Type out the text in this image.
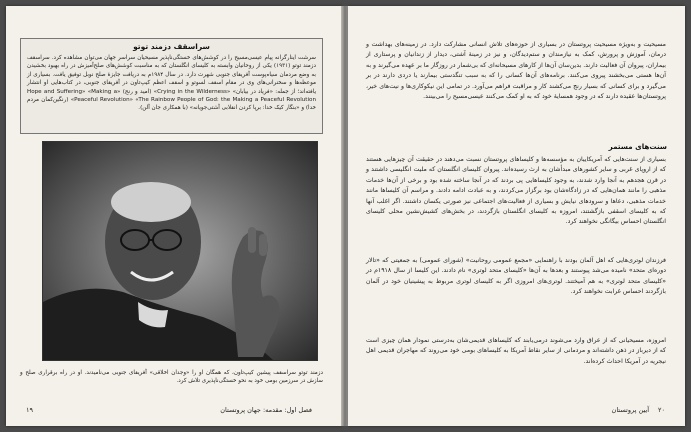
سراسقف دزمند توتو

سرشت اینارگرانه پیام عیسی‌مسیح را در کوشش‌های خستگی‌ناپذیر مسیحیان سراسر جهان می‌توان مشاهده کرد. سراسقف دزمند توتو (۱۹۳۱) یکی از روحانیان وابسته به کلیسای انگلستان که به مناسبت کوشش‌های صلح‌آمیزش در راه بهبود بخشیدن به وضع مردمان سیاه‌پوست آفریقای جنوبی شهرت دارد. در سال ۱۹۸۴م به دریافت جایزهٔ صلح نوبل توفیق یافت. بسیاری از موعظه‌ها و سخنرانی‌های وی در مقام اسقف لسوتو و اسقف اعظم کیپ‌تاون در آفریقای جنوبی، در کتاب‌هایی او انتشار یافته‌اند؛ از جمله: «فریاد در بیابان» «Crying in the Wilderness» (امید و رنج) «Hope and Suffering» «Making a Peaceful Revolution» «The Rainbow People of God: the Making a Peaceful Revolution» (رنگین‌کمان مردم خدا) و «بنگار کیک خدا: برپا کردن انقلابی آشتی‌جویانه» (با همکاری جان آلن).

دزمند توتو سراسقف پیشین کیپ‌تاون، که همگان او را «وجدان اخلاقی» آفریقای جنوبی می‌نامیدند. او در راه برقراری صلح و سازش در سرزمین بومی خود به نحو خستگی‌ناپذیری تلاش کرد.

۱۹	فصل اول: مقدمه: جهان پروتستان

مسیحیت و به‌ویژه مسیحیت پروتستان در بسیاری از حوزه‌های تلاش انسانی مشارکت دارد. در زمینه‌های بهداشت و درمان، آموزش و پرورش، کمک به نیازمندان و ستم‌دیدگان، و نیز در زمینهٔ آشتی، دیدار از زندانیان و پرستاری از بیماران، پیروان آن فعالیت دارند. بدین‌سان آن‌ها از کارهای مسیحانه‌ای که بی‌شمار در روزگار ما بر عهده می‌گیرند و به آن‌ها هستی می‌بخشند پیروی می‌کنند. برنامه‌های آن‌ها کسانی را که به سبب تنگدستی بیمارند یا دردی دارند در بر می‌گیرد و برای کسانی که بسیار رنج می‌کشند کار و مراقبت فراهم می‌آورد. در تمامی این نیکوکاری‌ها و نیت‌های خیر، پروتستان‌ها عقیده دارند که در وجود همسایهٔ خود که به او کمک می‌کنند عیسی‌مسیح را می‌بینند.

سنت‌های مستمر

بسیاری از سنت‌هایی که آمریکاییان به مؤسسه‌ها و کلیساهای پروتستان نسبت می‌دهند در حقیقت آن چیزهایی هستند که از اروپای غربی و سایر کشورهای مبدأشان به ارث رسیده‌اند. پیروان کلیسای انگلستان که ملیت انگلیسی داشتند و در قرن هجدهم به آنجا وارد شدند، به وجود کلیساهایی پی بردند که در آنجا ساخته شده بود و برخی از آن‌ها خدمات مذهبی را مانند همان‌هایی که در زادگاه‌شان بود برگزار می‌کردند، و به عبادت ادامه دادند. و مراسم آن کلیساها مانند خدمات مذهبی، دعاها و سرودهای نیایش و بسیاری از فعالیت‌های اجتماعی نیز صورتی یکسان داشتند. اگر اغلب آنها که به کلیسای اسقفی بازگشتند، امروزه به کلیسای انگلستان بازگردند، در بخش‌های کشیش‌نشین محلی کلیسای انگلستان احساس بیگانگی نخواهند کرد.

فرزندان لوتری‌هایی که اهل آلمان بودند با راهنمایی «مجمع عمومی روحانیت» (شورای عمومی) به جمعیتی که «تالار دوره‌ای متحد» نامیده می‌شد پیوستند و بعدها به آن‌ها «کلیسای متحد لوتری» نام دادند. این کلیسا از سال ۱۹۱۸م در «کلیسای متحد لوتری» به هم آمیختند. لوتری‌های امروزی اگر به کلیسای لوتری مربوط به پیشینیان خود در آلمان بازگردند احساس غرابت نخواهند کرد.

امروزه، مسیحیانی که از عراق وارد می‌شوند درمی‌یابند که کلیساهای قدیمی‌شان به‌درستی نمودار همان چیزی است که از دیرباز در ذهن داشته‌اند و مردمانی از سایر نقاط آمریکا به کلیساهای بومی خود می‌روند که مهاجران قدیمی اهل نیجریه در آمریکا احداث کرده‌اند.

۲۰
آیین پروتستان
